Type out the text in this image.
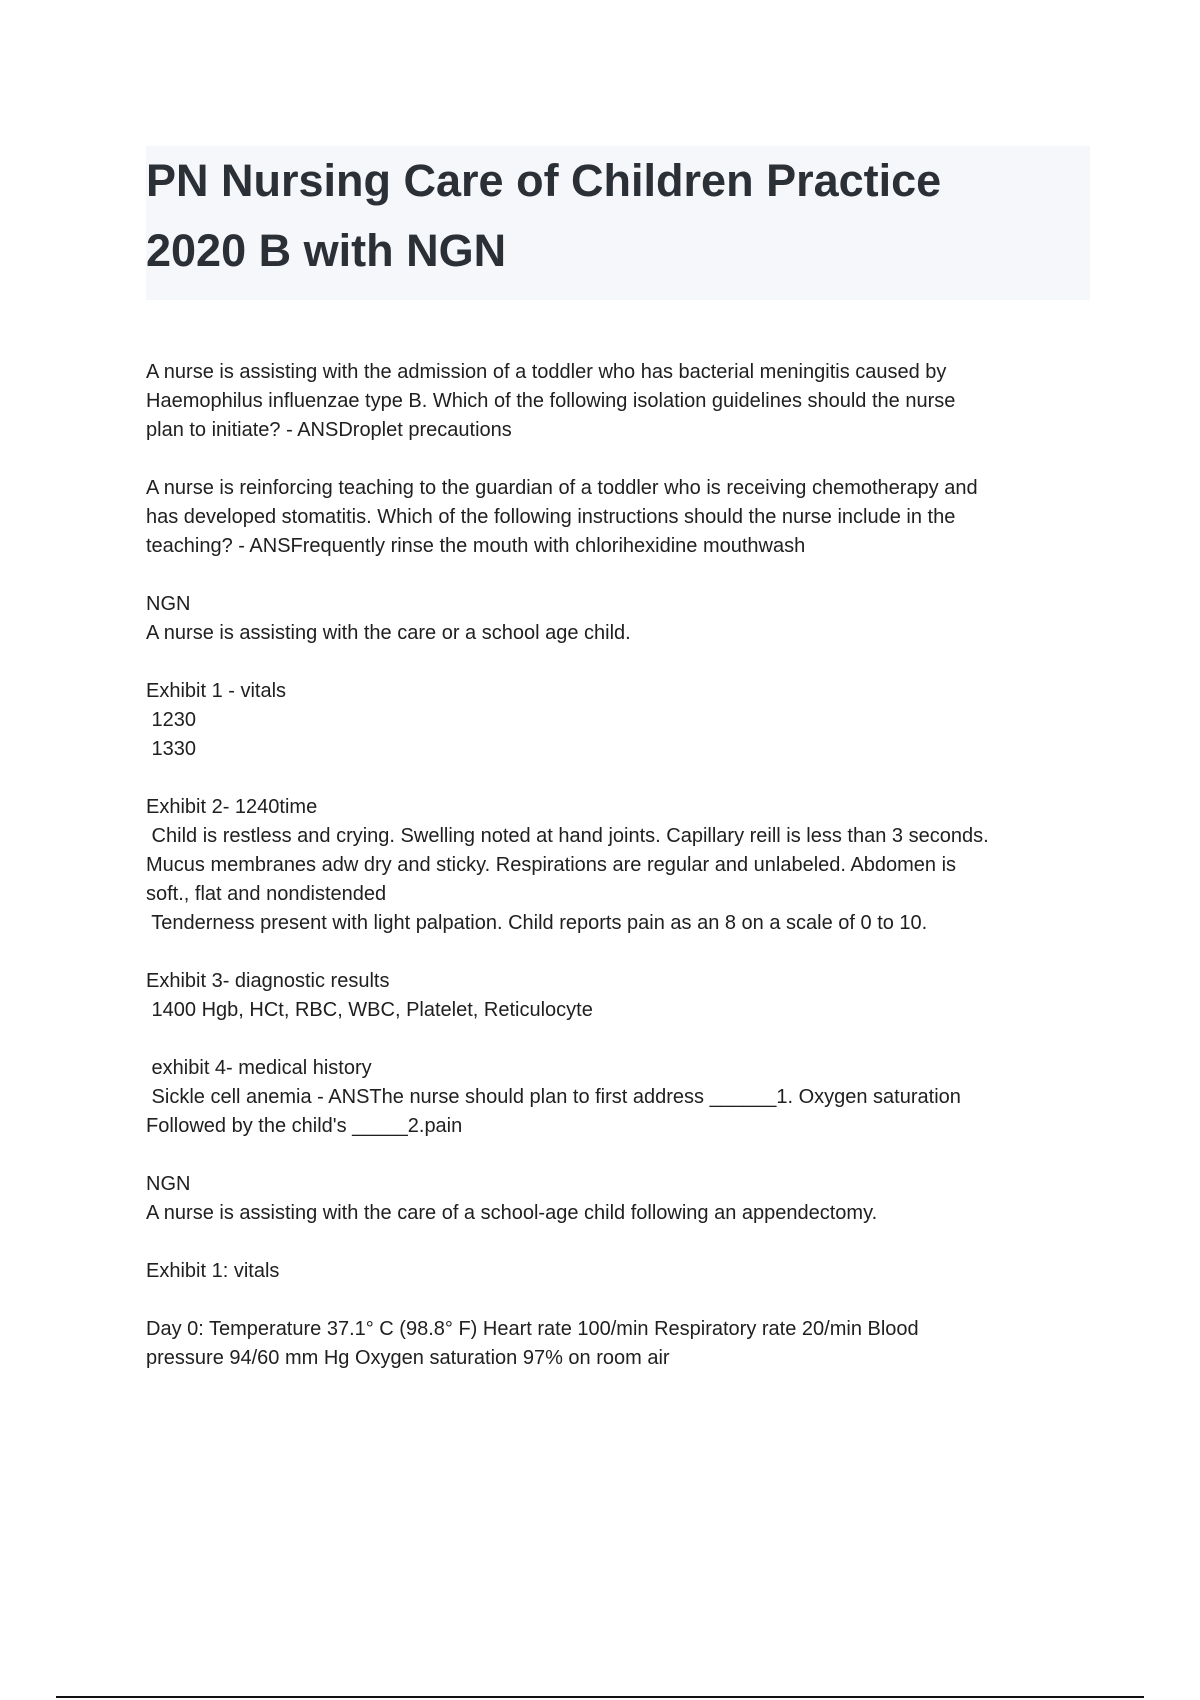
PN Nursing Care of Children Practice
2020 B with NGN
A nurse is assisting with the admission of a toddler who has bacterial meningitis caused by
Haemophilus influenzae type B. Which of the following isolation guidelines should the nurse
plan to initiate? - ANSDroplet precautions
A nurse is reinforcing teaching to the guardian of a toddler who is receiving chemotherapy and
has developed stomatitis. Which of the following instructions should the nurse include in the
teaching? - ANSFrequently rinse the mouth with chlorihexidine mouthwash
NGN
A nurse is assisting with the care or a school age child.
Exhibit 1 - vitals
1230
1330
Exhibit 2- 1240time
Child is restless and crying. Swelling noted at hand joints. Capillary reill is less than 3 seconds.
Mucus membranes adw dry and sticky. Respirations are regular and unlabeled. Abdomen is
soft., flat and nondistended
Tenderness present with light palpation. Child reports pain as an 8 on a scale of 0 to 10.
Exhibit 3- diagnostic results
1400 Hgb, HCt, RBC, WBC, Platelet, Reticulocyte
exhibit 4- medical history
Sickle cell anemia - ANSThe nurse should plan to first address ______1. Oxygen saturation
Followed by the child's _____2.pain
NGN
A nurse is assisting with the care of a school-age child following an appendectomy.
Exhibit 1: vitals
Day 0: Temperature 37.1° C (98.8° F) Heart rate 100/min Respiratory rate 20/min Blood
pressure 94/60 mm Hg Oxygen saturation 97% on room air
